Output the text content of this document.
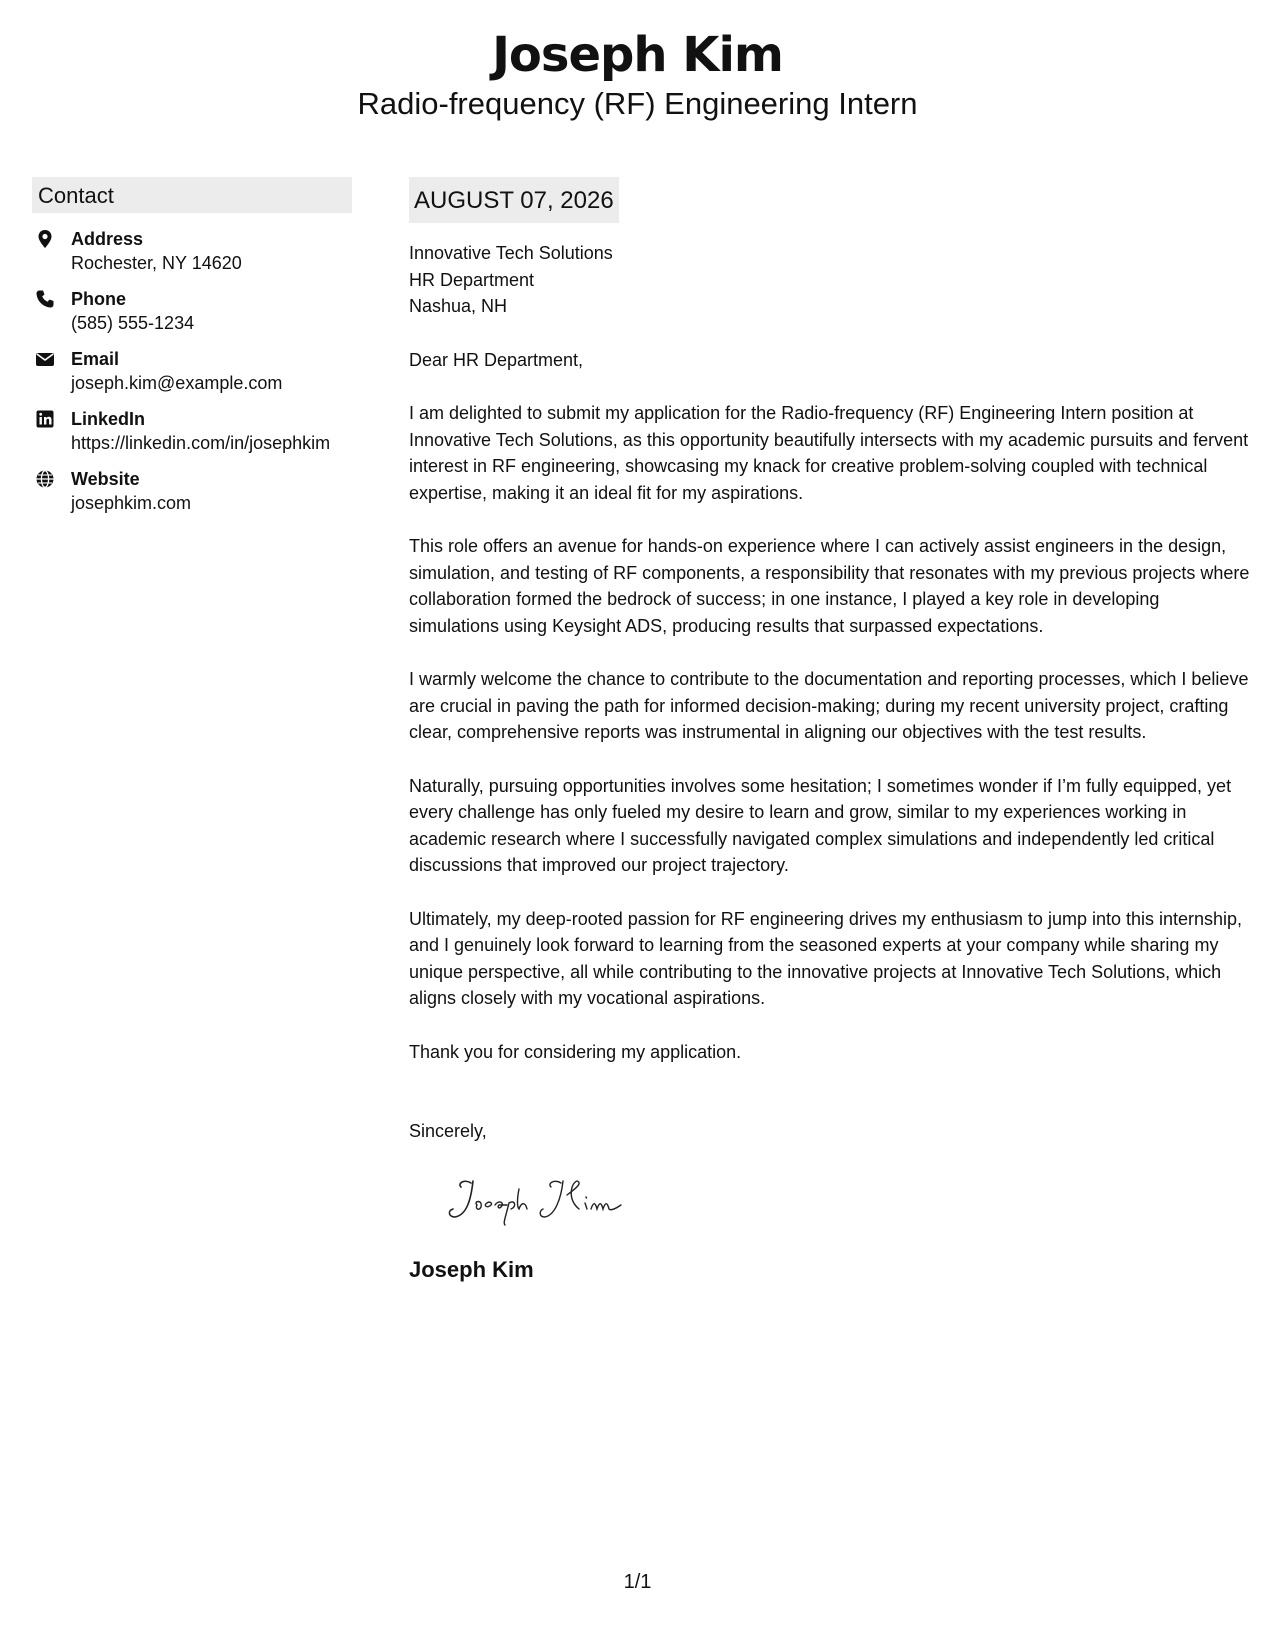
Joseph Kim
Radio-frequency (RF) Engineering Intern
Contact
Address
Rochester, NY 14620
Phone
(585) 555-1234
Email
joseph.kim@example.com
LinkedIn
https://linkedin.com/in/josephkim
Website
josephkim.com
AUGUST 07, 2026
Innovative Tech Solutions
HR Department
Nashua, NH

Dear HR Department,

I am delighted to submit my application for the Radio-frequency (RF) Engineering Intern position at Innovative Tech Solutions, as this opportunity beautifully intersects with my academic pursuits and fervent interest in RF engineering, showcasing my knack for creative problem-solving coupled with technical expertise, making it an ideal fit for my aspirations.

This role offers an avenue for hands-on experience where I can actively assist engineers in the design, simulation, and testing of RF components, a responsibility that resonates with my previous projects where collaboration formed the bedrock of success; in one instance, I played a key role in developing simulations using Keysight ADS, producing results that surpassed expectations.

I warmly welcome the chance to contribute to the documentation and reporting processes, which I believe are crucial in paving the path for informed decision-making; during my recent university project, crafting clear, comprehensive reports was instrumental in aligning our objectives with the test results.

Naturally, pursuing opportunities involves some hesitation; I sometimes wonder if I’m fully equipped, yet every challenge has only fueled my desire to learn and grow, similar to my experiences working in academic research where I successfully navigated complex simulations and independently led critical discussions that improved our project trajectory.

Ultimately, my deep-rooted passion for RF engineering drives my enthusiasm to jump into this internship, and I genuinely look forward to learning from the seasoned experts at your company while sharing my unique perspective, all while contributing to the innovative projects at Innovative Tech Solutions, which aligns closely with my vocational aspirations.

Thank you for considering my application.

Sincerely,
Joseph Kim
1/1
